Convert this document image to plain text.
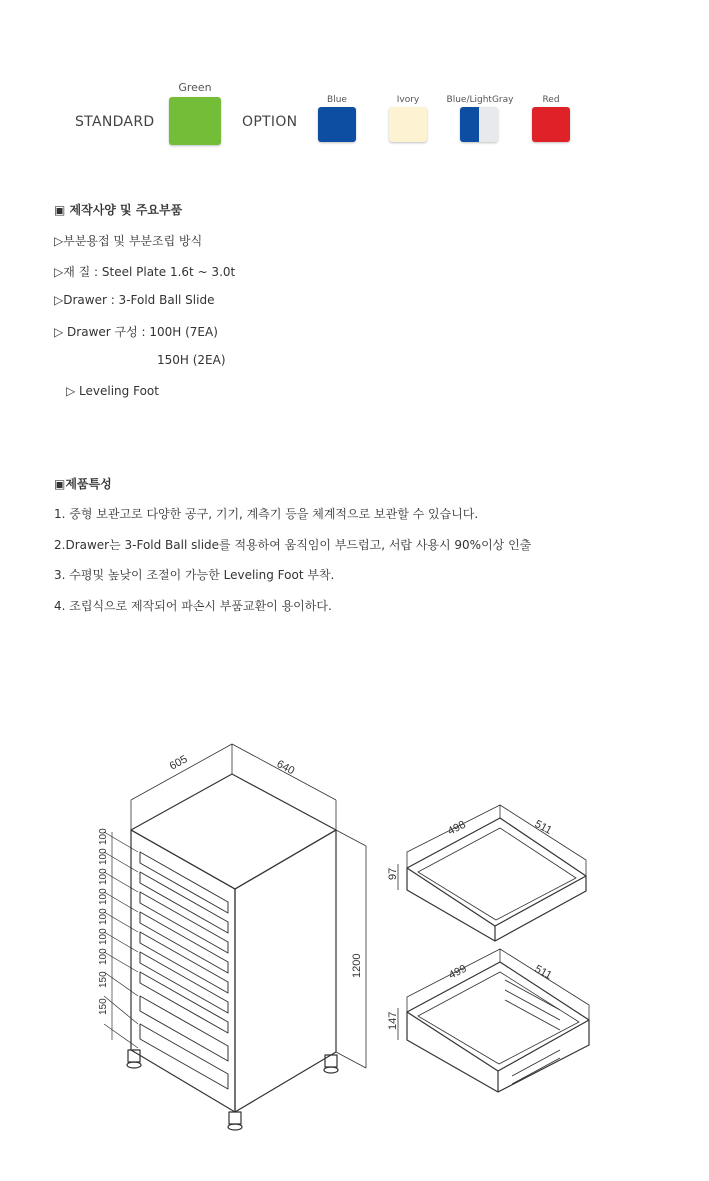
STANDARD
Green
OPTION
Blue	Ivory	Blue/LightGray	Red
▣ 제작사양 및 주요부품
▷부분용접 및 부분조립 방식
▷재 질 : Steel Plate 1.6t ~ 3.0t
▷Drawer : 3-Fold Ball Slide
▷ Drawer 구성 : 100H (7EA)
150H (2EA)
▷ Leveling Foot
▣제품특성
1. 중형 보관고로 다양한 공구, 기기, 계측기 등을 체계적으로 보관할 수 있습니다.
2.Drawer는 3-Fold Ball slide를 적용하여 움직임이 부드럽고, 서랍 사용시 90%이상 인출
3. 수평및 높낮이 조절이 가능한 Leveling Foot 부착.
4. 조립식으로 제작되어 파손시 부품교환이 용이하다.
605	640
1200
100
100
100
100
100
100
100
150
150
498	511
97
499	511
147
